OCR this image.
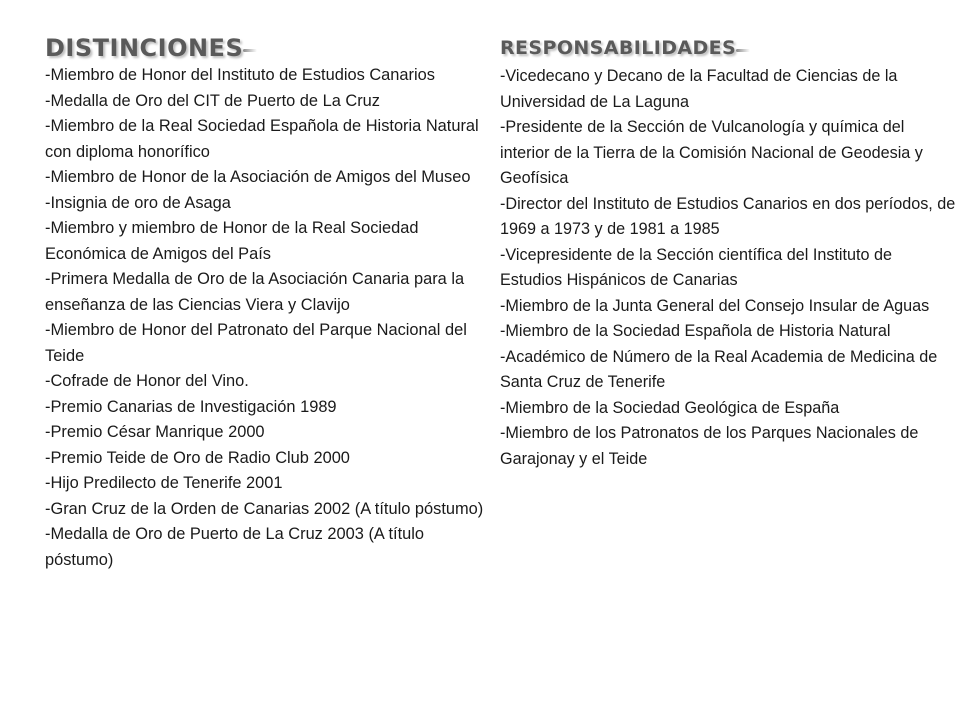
DISTINCIONES
-Miembro de Honor del Instituto de Estudios Canarios
-Medalla de Oro del CIT de Puerto de La Cruz
-Miembro de la Real Sociedad Española de Historia Natural con diploma honorífico
-Miembro de Honor de la Asociación de Amigos del Museo
-Insignia de oro de Asaga
-Miembro y miembro de Honor de la Real Sociedad Económica de Amigos del País
-Primera Medalla de Oro de la Asociación Canaria para la enseñanza de las Ciencias Viera y Clavijo
-Miembro de Honor del Patronato del Parque Nacional del Teide
-Cofrade de Honor del Vino.
-Premio Canarias de Investigación 1989
-Premio César Manrique 2000
-Premio Teide de Oro de Radio Club 2000
-Hijo Predilecto de Tenerife 2001
-Gran Cruz de la Orden de Canarias 2002 (A título póstumo)
-Medalla de Oro de Puerto de La Cruz 2003 (A título póstumo)
RESPONSABILIDADES
-Vicedecano y Decano de la Facultad de Ciencias de la Universidad de La Laguna
-Presidente de la Sección de Vulcanología y química del interior de la Tierra de la Comisión Nacional de Geodesia y Geofísica
-Director del Instituto de Estudios Canarios en dos períodos, de 1969 a 1973 y de 1981 a 1985
-Vicepresidente de la Sección científica del Instituto de Estudios Hispánicos de Canarias
-Miembro de la Junta General del Consejo Insular de Aguas
-Miembro de la Sociedad Española de Historia Natural
-Académico de Número de la Real Academia de Medicina de Santa Cruz de Tenerife
-Miembro de la Sociedad Geológica de España
-Miembro de los Patronatos de los Parques Nacionales de Garajonay y el Teide
